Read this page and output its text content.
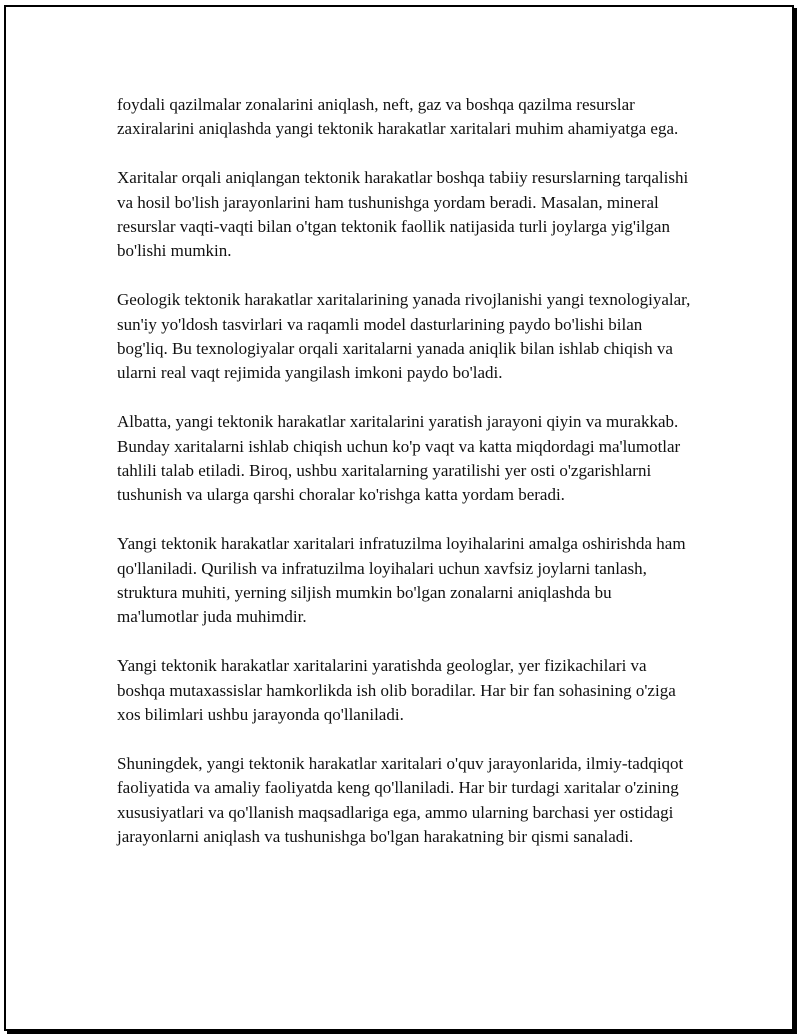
foydali qazilmalar zonalarini aniqlash, neft, gaz va boshqa qazilma resurslar zaxiralarini aniqlashda yangi tektonik harakatlar xaritalari muhim ahamiyatga ega.

Xaritalar orqali aniqlangan tektonik harakatlar boshqa tabiiy resurslarning tarqalishi va hosil bo'lish jarayonlarini ham tushunishga yordam beradi. Masalan, mineral resurslar vaqti-vaqti bilan o'tgan tektonik faollik natijasida turli joylarga yig'ilgan bo'lishi mumkin.

Geologik tektonik harakatlar xaritalarining yanada rivojlanishi yangi texnologiyalar, sun'iy yo'ldosh tasvirlari va raqamli model dasturlarining paydo bo'lishi bilan bog'liq. Bu texnologiyalar orqali xaritalarni yanada aniqlik bilan ishlab chiqish va ularni real vaqt rejimida yangilash imkoni paydo bo'ladi.

Albatta, yangi tektonik harakatlar xaritalarini yaratish jarayoni qiyin va murakkab. Bunday xaritalarni ishlab chiqish uchun ko'p vaqt va katta miqdordagi ma'lumotlar tahlili talab etiladi. Biroq, ushbu xaritalarning yaratilishi yer osti o'zgarishlarni tushunish va ularga qarshi choralar ko'rishga katta yordam beradi.

Yangi tektonik harakatlar xaritalari infratuzilma loyihalarini amalga oshirishda ham qo'llaniladi. Qurilish va infratuzilma loyihalari uchun xavfsiz joylarni tanlash, struktura muhiti, yerning siljish mumkin bo'lgan zonalarni aniqlashda bu ma'lumotlar juda muhimdir.

Yangi tektonik harakatlar xaritalarini yaratishda geologlar, yer fizikachilari va boshqa mutaxassislar hamkorlikda ish olib boradilar. Har bir fan sohasining o'ziga xos bilimlari ushbu jarayonda qo'llaniladi.

Shuningdek, yangi tektonik harakatlar xaritalari o'quv jarayonlarida, ilmiy-tadqiqot faoliyatida va amaliy faoliyatda keng qo'llaniladi. Har bir turdagi xaritalar o'zining xususiyatlari va qo'llanish maqsadlariga ega, ammo ularning barchasi yer ostidagi jarayonlarni aniqlash va tushunishga bo'lgan harakatning bir qismi sanaladi.
